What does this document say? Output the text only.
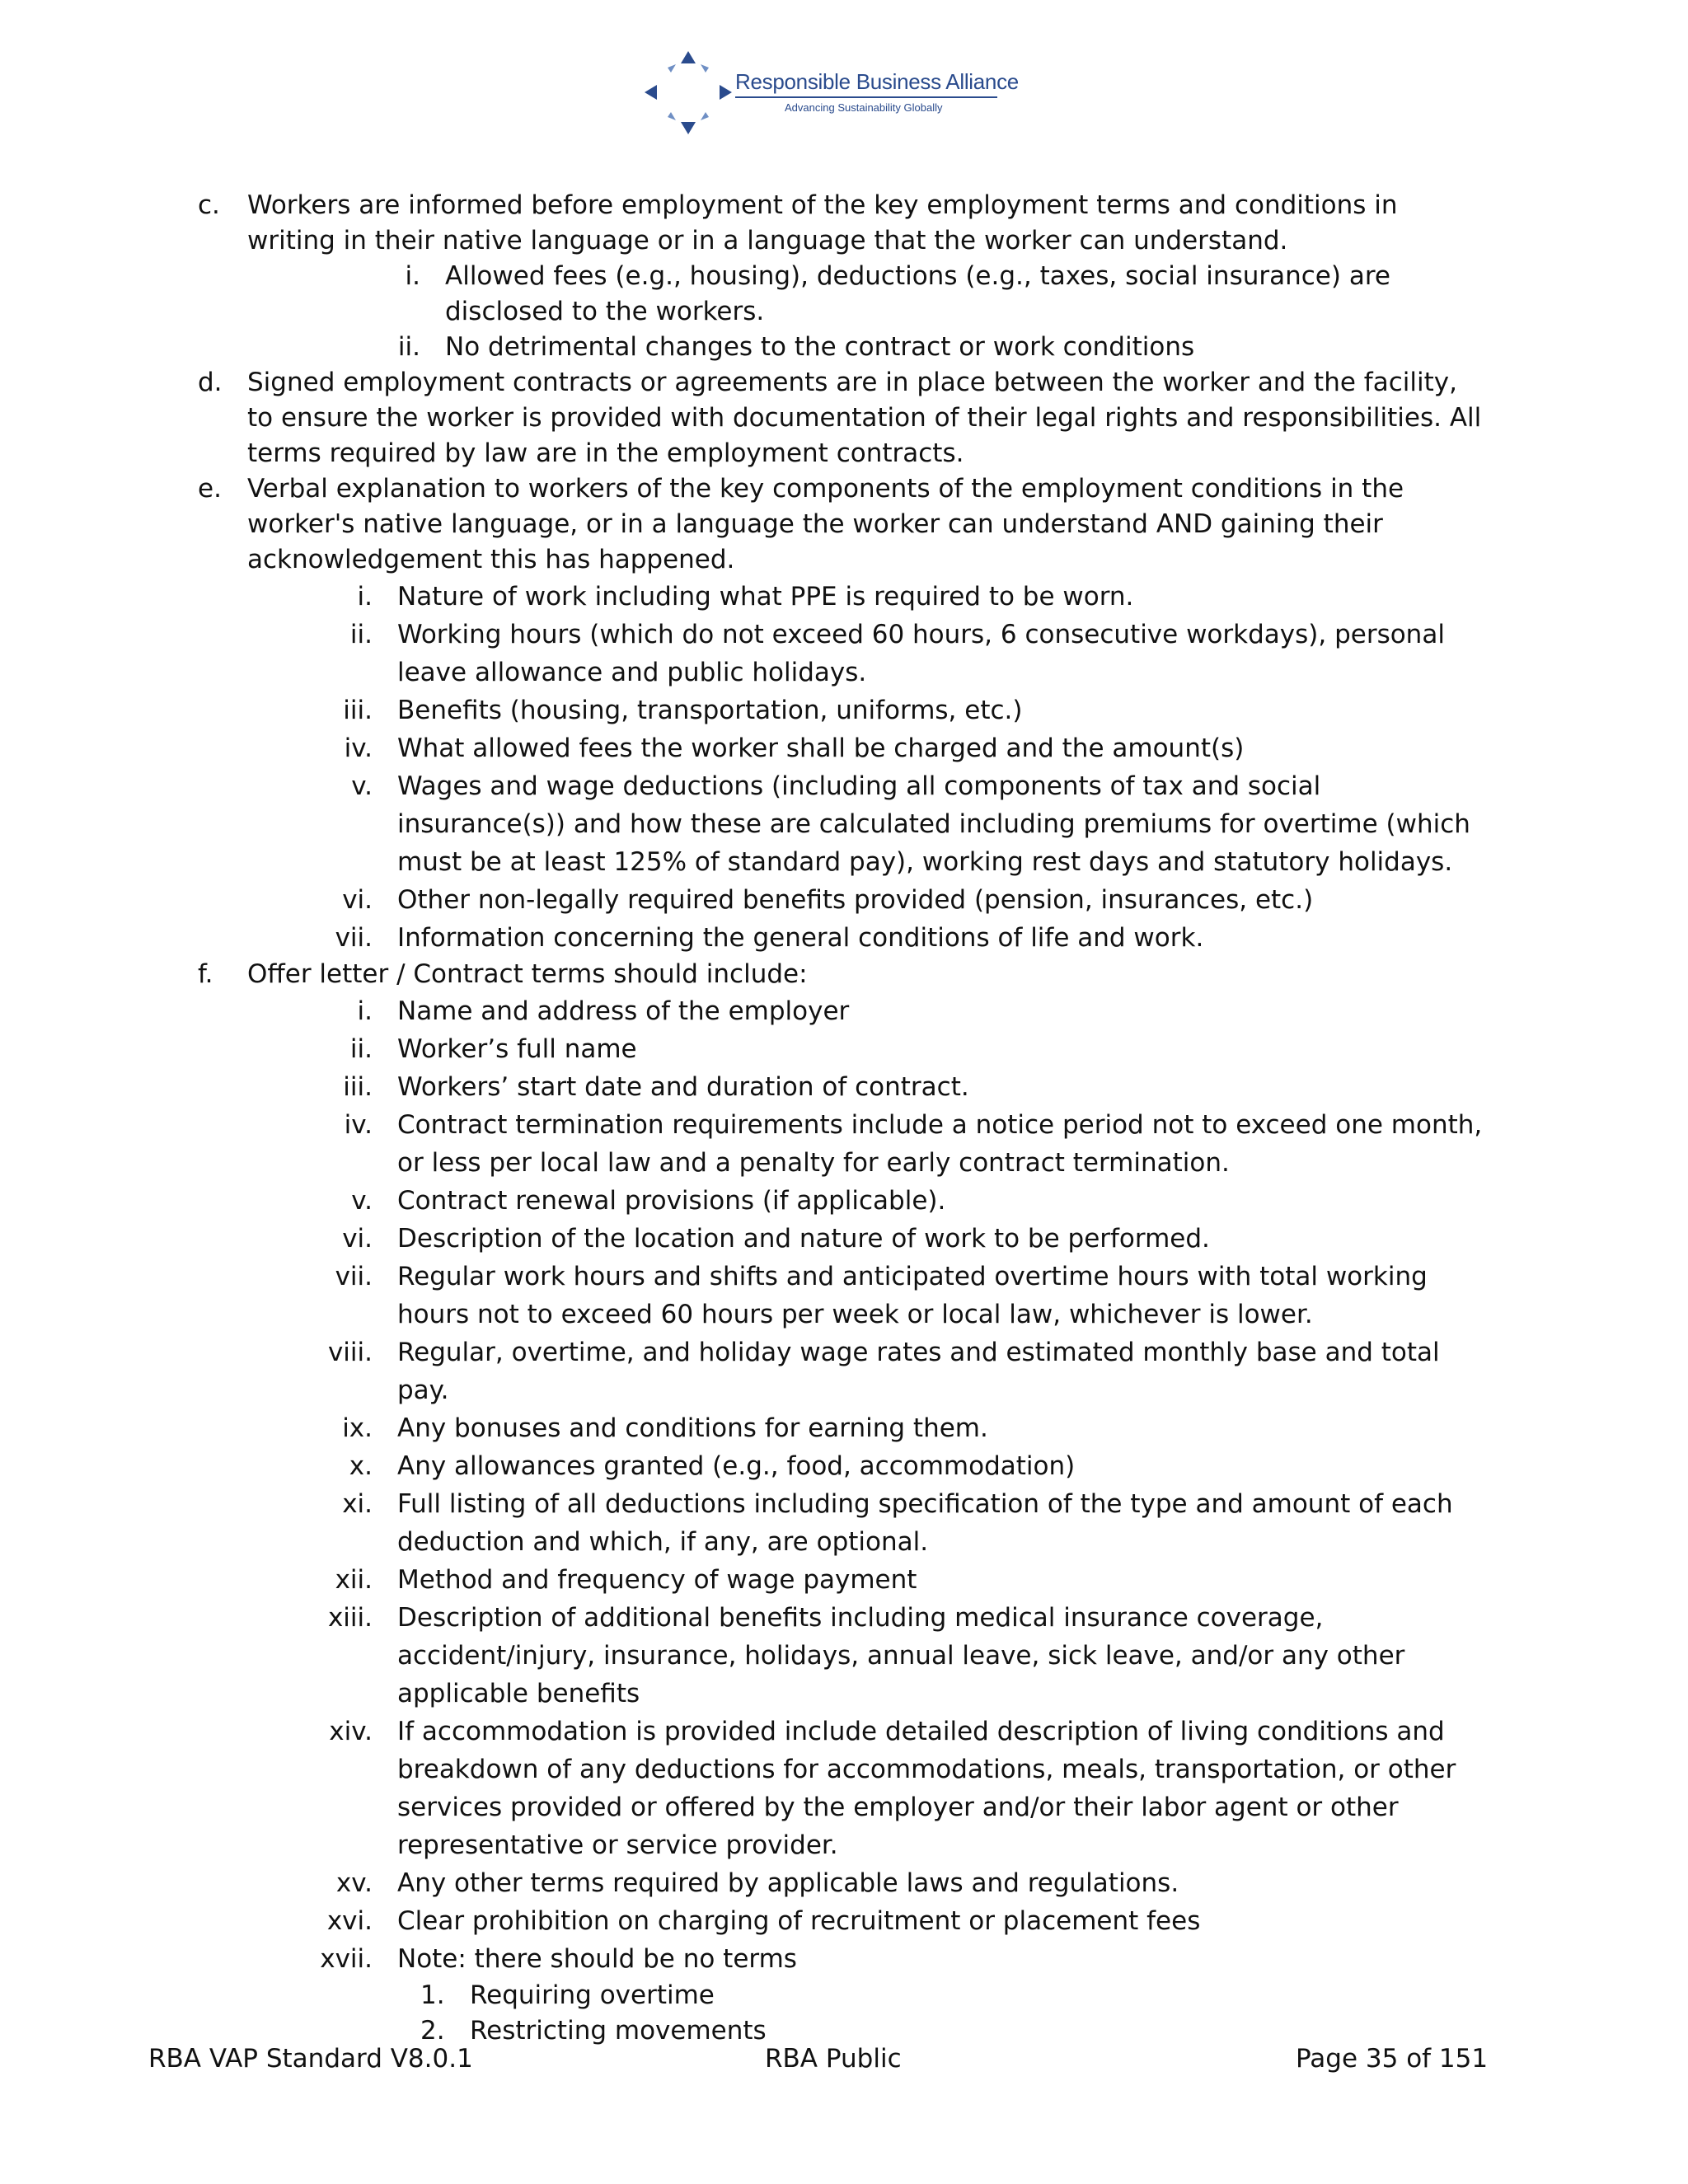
Responsible Business Alliance
Advancing Sustainability Globally
c. Workers are informed before employment of the key employment terms and conditions in writing in their native language or in a language that the worker can understand.
i. Allowed fees (e.g., housing), deductions (e.g., taxes, social insurance) are disclosed to the workers.
ii. No detrimental changes to the contract or work conditions
d. Signed employment contracts or agreements are in place between the worker and the facility, to ensure the worker is provided with documentation of their legal rights and responsibilities. All terms required by law are in the employment contracts.
e. Verbal explanation to workers of the key components of the employment conditions in the worker's native language, or in a language the worker can understand AND gaining their acknowledgement this has happened.
i. Nature of work including what PPE is required to be worn.
ii. Working hours (which do not exceed 60 hours, 6 consecutive workdays), personal leave allowance and public holidays.
iii. Benefits (housing, transportation, uniforms, etc.)
iv. What allowed fees the worker shall be charged and the amount(s)
v. Wages and wage deductions (including all components of tax and social insurance(s)) and how these are calculated including premiums for overtime (which must be at least 125% of standard pay), working rest days and statutory holidays.
vi. Other non-legally required benefits provided (pension, insurances, etc.)
vii. Information concerning the general conditions of life and work.
f. Offer letter / Contract terms should include:
i. Name and address of the employer
ii. Worker’s full name
iii. Workers’ start date and duration of contract.
iv. Contract termination requirements include a notice period not to exceed one month, or less per local law and a penalty for early contract termination.
v. Contract renewal provisions (if applicable).
vi. Description of the location and nature of work to be performed.
vii. Regular work hours and shifts and anticipated overtime hours with total working hours not to exceed 60 hours per week or local law, whichever is lower.
viii. Regular, overtime, and holiday wage rates and estimated monthly base and total pay.
ix. Any bonuses and conditions for earning them.
x. Any allowances granted (e.g., food, accommodation)
xi. Full listing of all deductions including specification of the type and amount of each deduction and which, if any, are optional.
xii. Method and frequency of wage payment
xiii. Description of additional benefits including medical insurance coverage, accident/injury, insurance, holidays, annual leave, sick leave, and/or any other applicable benefits
xiv. If accommodation is provided include detailed description of living conditions and breakdown of any deductions for accommodations, meals, transportation, or other services provided or offered by the employer and/or their labor agent or other representative or service provider.
xv. Any other terms required by applicable laws and regulations.
xvi. Clear prohibition on charging of recruitment or placement fees
xvii. Note: there should be no terms
1. Requiring overtime
2. Restricting movements
RBA VAP Standard V8.0.1	RBA Public	Page 35 of 151
